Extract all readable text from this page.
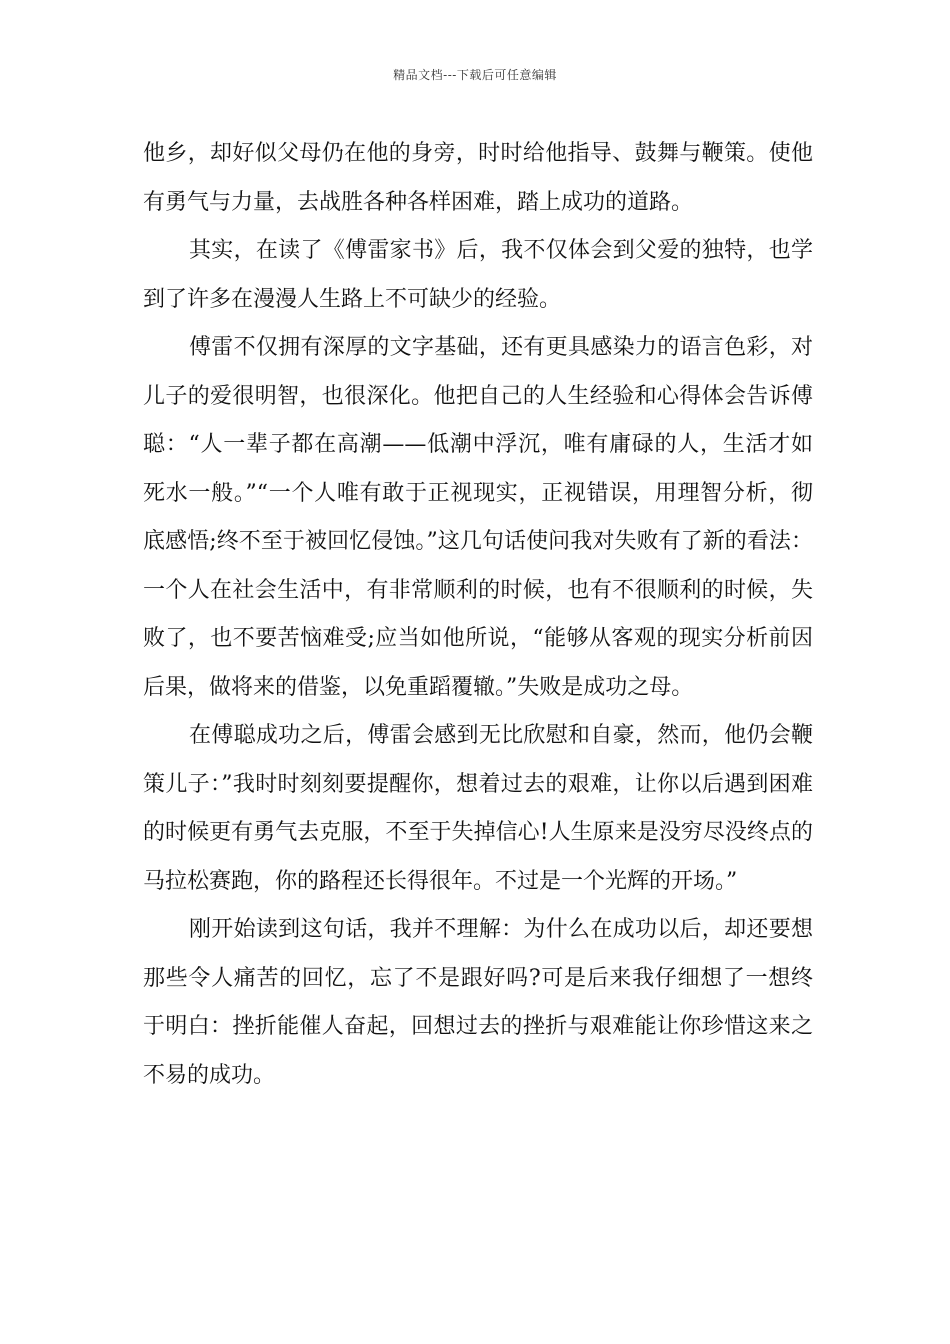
精品文档---下载后可任意编辑

他乡，却好似父母仍在他的身旁，时时给他指导、鼓舞与鞭策。使他有勇气与力量，去战胜各种各样困难，踏上成功的道路。

其实，在读了《傅雷家书》后，我不仅体会到父爱的独特，也学到了许多在漫漫人生路上不可缺少的经验。

傅雷不仅拥有深厚的文字基础，还有更具感染力的语言色彩，对儿子的爱很明智，也很深化。他把自己的人生经验和心得体会告诉傅聪：“人一辈子都在高潮——低潮中浮沉，唯有庸碌的人，生活才如死水一般。”“一个人唯有敢于正视现实，正视错误，用理智分析，彻底感悟;终不至于被回忆侵蚀。”这几句话使问我对失败有了新的看法：一个人在社会生活中，有非常顺利的时候，也有不很顺利的时候，失败了，也不要苦恼难受;应当如他所说，“能够从客观的现实分析前因后果，做将来的借鉴，以免重蹈覆辙。”失败是成功之母。

在傅聪成功之后，傅雷会感到无比欣慰和自豪，然而，他仍会鞭策儿子：”我时时刻刻要提醒你，想着过去的艰难，让你以后遇到困难的时候更有勇气去克服，不至于失掉信心!人生原来是没穷尽没终点的马拉松赛跑，你的路程还长得很年。不过是一个光辉的开场。”

刚开始读到这句话，我并不理解：为什么在成功以后，却还要想那些令人痛苦的回忆，忘了不是跟好吗?可是后来我仔细想了一想终于明白：挫折能催人奋起，回想过去的挫折与艰难能让你珍惜这来之不易的成功。
